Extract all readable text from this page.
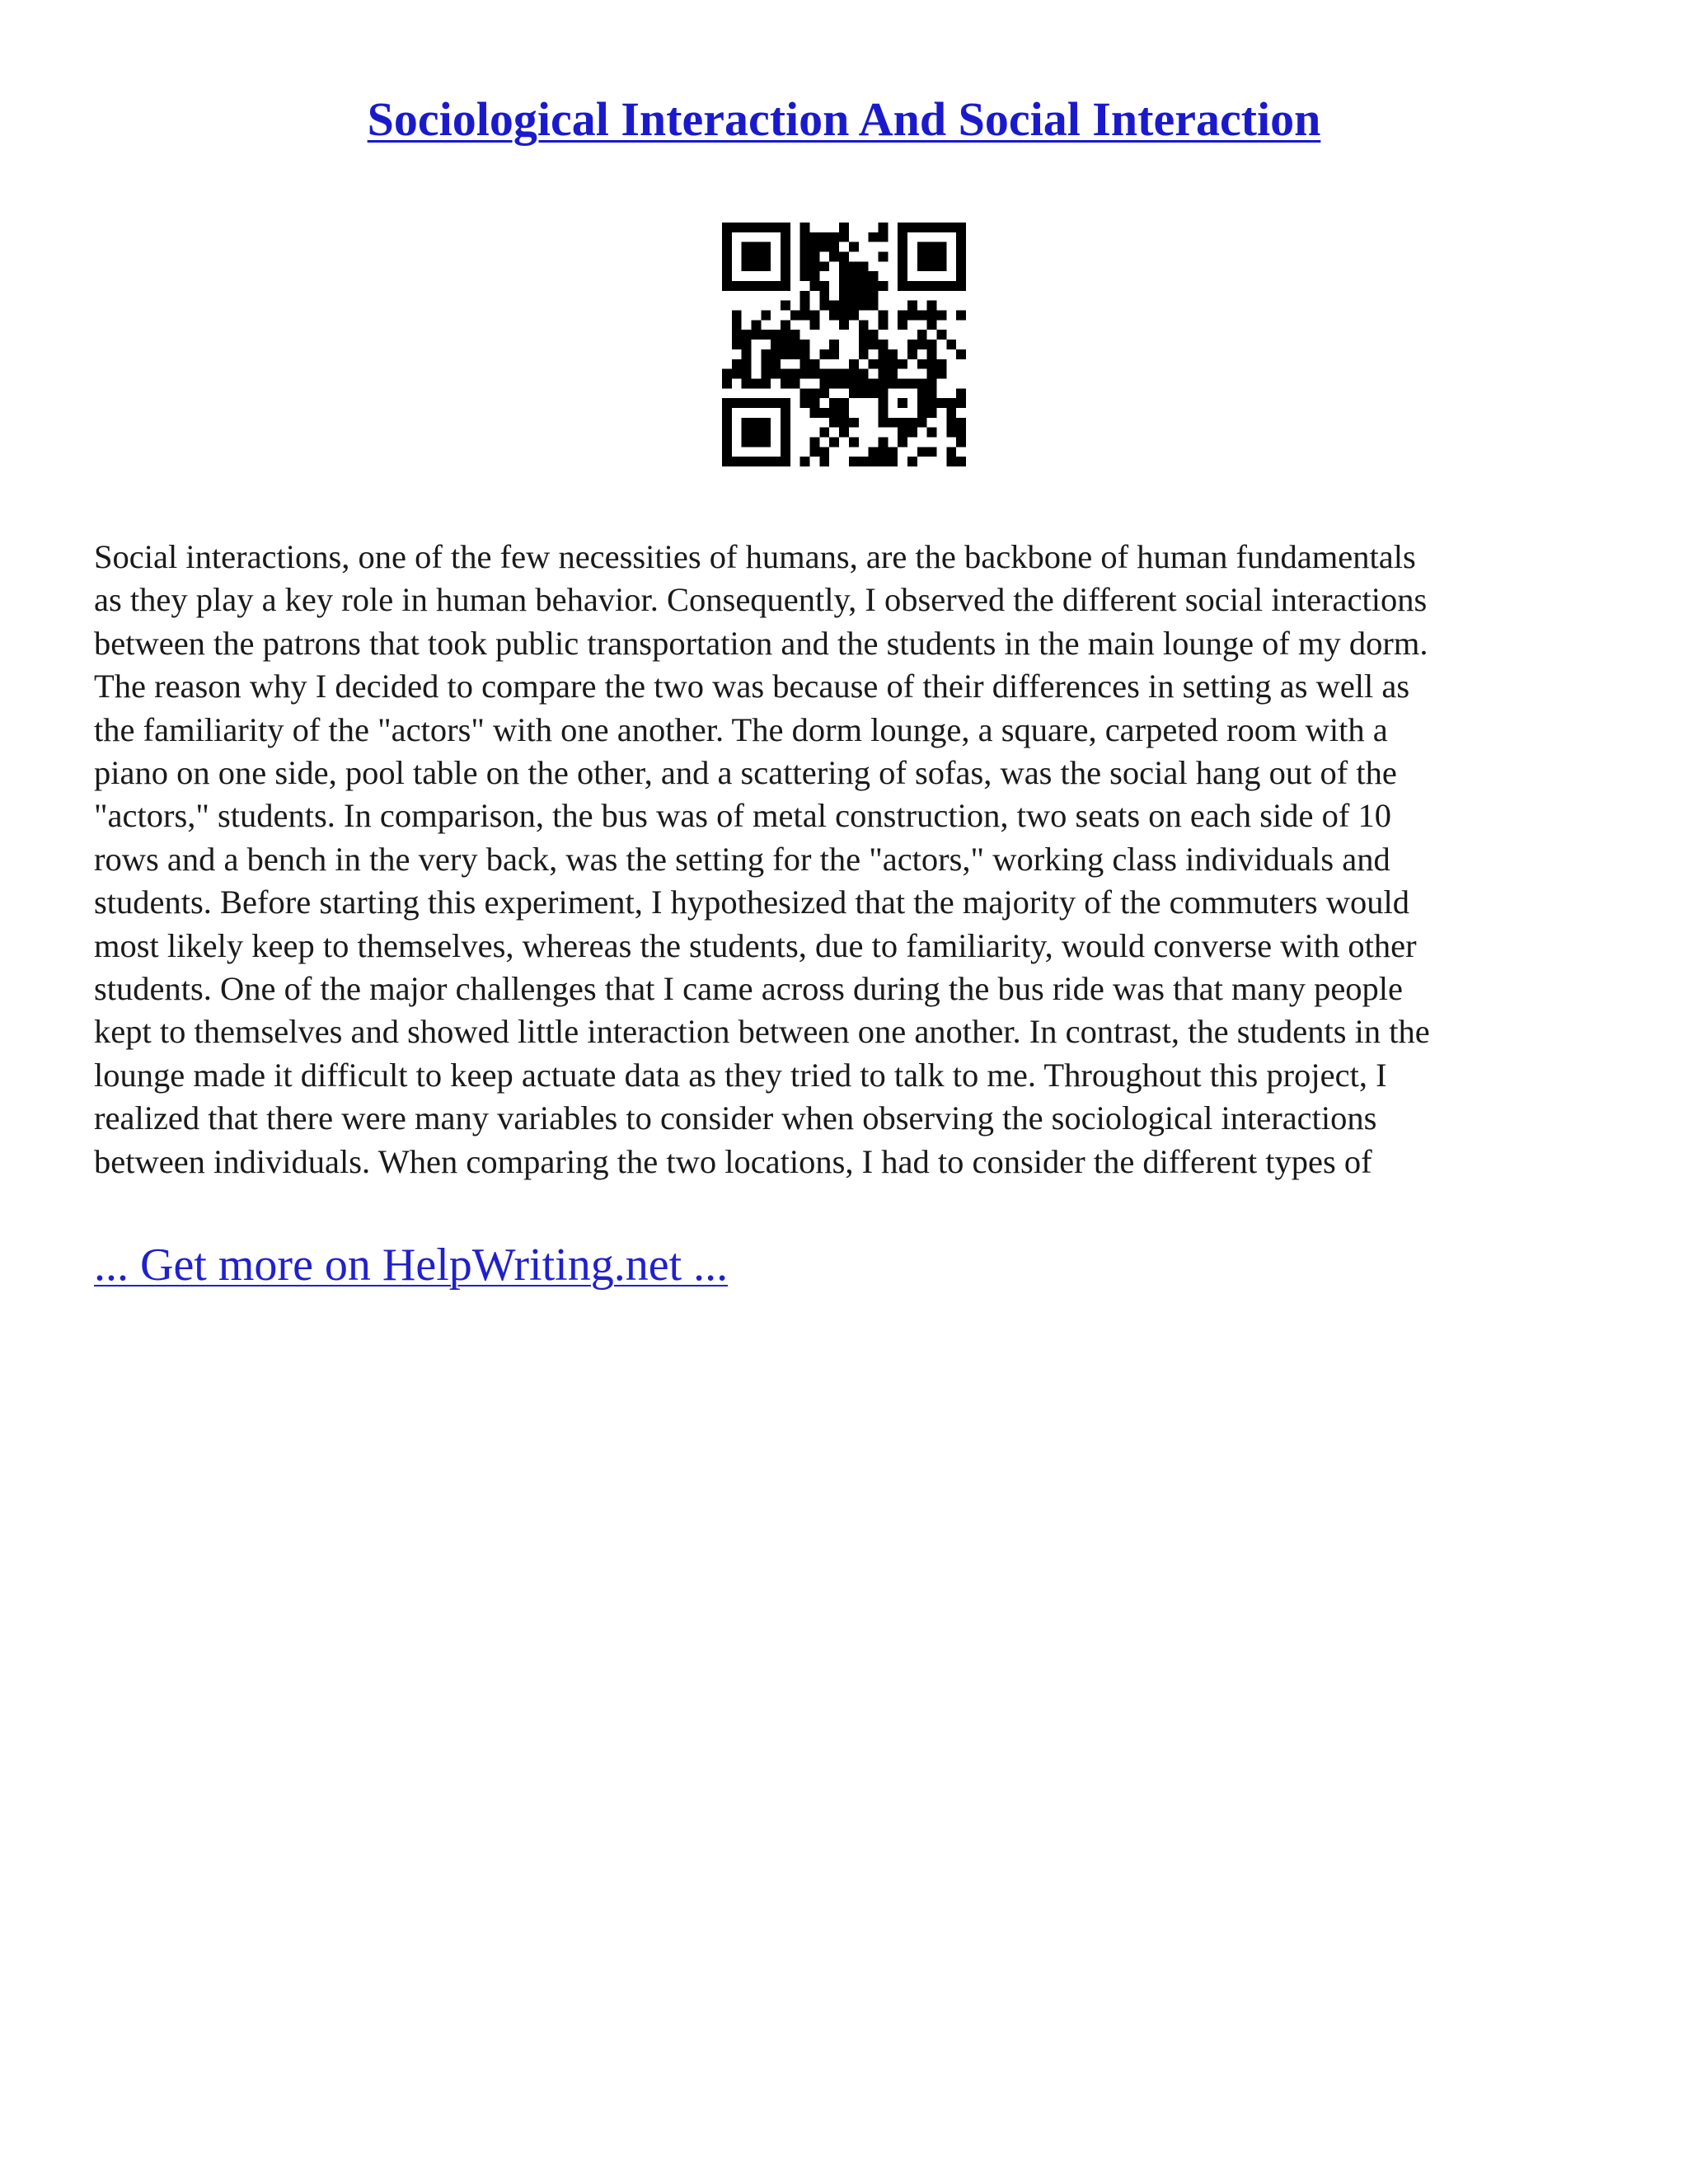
Sociological Interaction And Social Interaction

Social interactions, one of the few necessities of humans, are the backbone of human fundamentals
as they play a key role in human behavior. Consequently, I observed the different social interactions
between the patrons that took public transportation and the students in the main lounge of my dorm.
The reason why I decided to compare the two was because of their differences in setting as well as
the familiarity of the "actors" with one another. The dorm lounge, a square, carpeted room with a
piano on one side, pool table on the other, and a scattering of sofas, was the social hang out of the
"actors," students. In comparison, the bus was of metal construction, two seats on each side of 10
rows and a bench in the very back, was the setting for the "actors," working class individuals and
students. Before starting this experiment, I hypothesized that the majority of the commuters would
most likely keep to themselves, whereas the students, due to familiarity, would converse with other
students. One of the major challenges that I came across during the bus ride was that many people
kept to themselves and showed little interaction between one another. In contrast, the students in the
lounge made it difficult to keep actuate data as they tried to talk to me. Throughout this project, I
realized that there were many variables to consider when observing the sociological interactions
between individuals. When comparing the two locations, I had to consider the different types of

... Get more on HelpWriting.net ...
